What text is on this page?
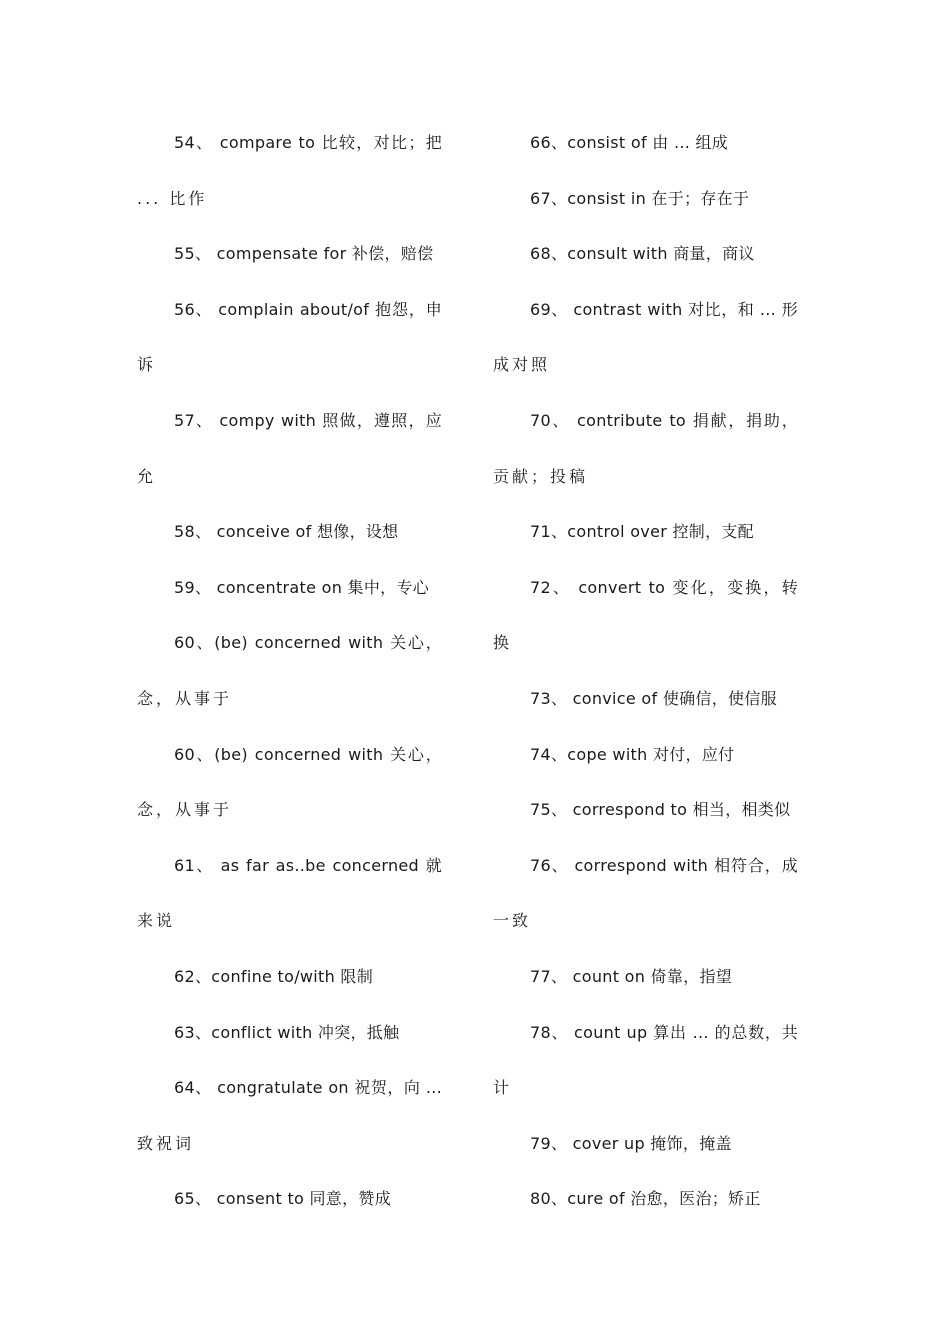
54、 compare to 比较，对比；把
... 比作
55、 compensate for 补偿，赔偿
56、 complain about/of 抱怨，申
诉
57、 compy with 照做，遵照，应
允
58、 conceive of 想像，设想
59、 concentrate on 集中，专心
60、(be) concerned with 关心，
念，从事于
60、(be) concerned with 关心，
念，从事于
61、 as far as..be concerned 就
来说
62、confine to/with 限制
63、conflict with 冲突，抵触
64、 congratulate on 祝贺，向 ...
致祝词
65、 consent to 同意，赞成
66、consist of 由 ... 组成
67、consist in 在于；存在于
68、consult with 商量，商议
69、 contrast with 对比，和 ... 形
成对照
70、 contribute to 捐献，捐助，
贡献；投稿
71、control over 控制，支配
72、 convert to 变化，变换，转
换
73、 convice of 使确信，使信服
74、cope with 对付，应付
75、 correspond to 相当，相类似
76、 correspond with 相符合，成
一致
77、 count on 倚靠，指望
78、 count up 算出 ... 的总数，共
计
79、 cover up 掩饰，掩盖
80、cure of 治愈，医治；矫正
